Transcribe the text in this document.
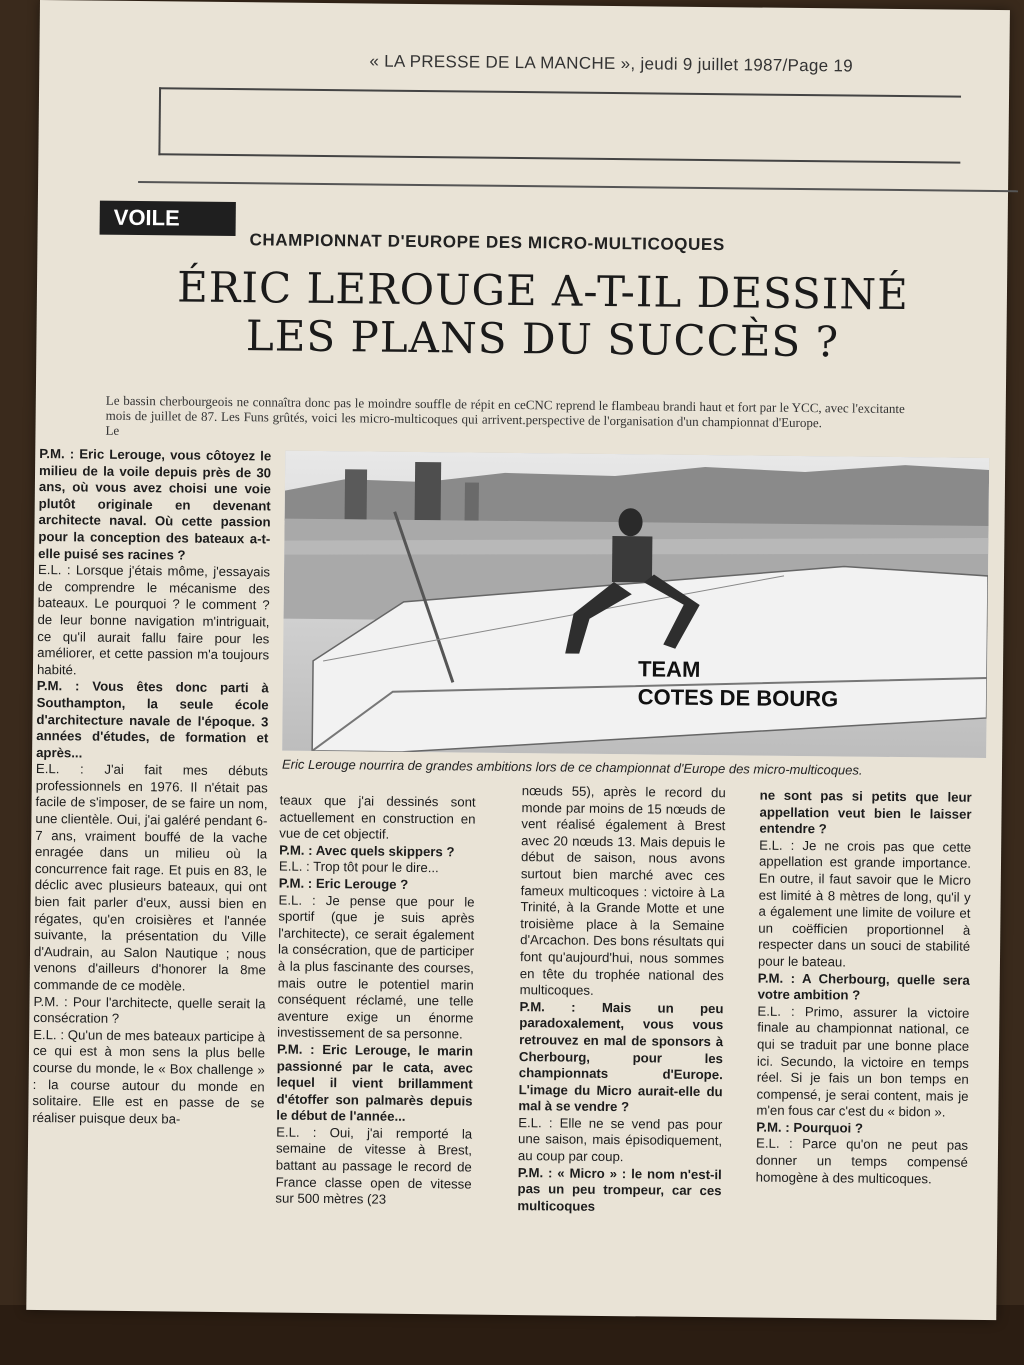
« LA PRESSE DE LA MANCHE », jeudi 9 juillet 1987/Page 19
VOILE
CHAMPIONNAT D'EUROPE DES MICRO-MULTICOQUES
ÉRIC LEROUGE A-T-IL DESSINÉ
LES PLANS DU SUCCÈS ?
Le bassin cherbourgeois ne connaîtra donc pas le moindre souffle de répit en ce mois de juillet de 87. Les Funs grûtés, voici les micro-multicoques qui arrivent. Le
CNC reprend le flambeau brandi haut et fort par le YCC, avec l'excitante perspective de l'organisation d'un championnat d'Europe.

P.M. : Eric Lerouge, vous côtoyez le milieu de la voile depuis près de 30 ans, où vous avez choisi une voie plutôt originale en devenant architecte naval. Où cette passion pour la conception des bateaux a-t-elle puisé ses racines ?

E.L. : Lorsque j'étais môme, j'essayais de comprendre le mécanisme des bateaux. Le pourquoi ? le comment ? de leur bonne navigation m'intriguait, ce qu'il aurait fallu faire pour les améliorer, et cette passion m'a toujours habité.

P.M. : Vous êtes donc parti à Southampton, la seule école d'architecture navale de l'époque. 3 années d'études, de formation et après...

E.L. : J'ai fait mes débuts professionnels en 1976. Il n'était pas facile de s'imposer, de se faire un nom, une clientèle. Oui, j'ai galéré pendant 6-7 ans, vraiment bouffé de la vache enragée dans un milieu où la concurrence fait rage. Et puis en 83, le déclic avec plusieurs bateaux, qui ont bien fait parler d'eux, aussi bien en régates, qu'en croisières et l'année suivante, la présentation du Ville d'Audrain, au Salon Nautique ; nous venons d'ailleurs d'honorer la 8me commande de ce modèle.

P.M. : Pour l'architecte, quelle serait la consécration ?

E.L. : Qu'un de mes bateaux participe à ce qui est à mon sens la plus belle course du monde, le « Box challenge » : la course autour du monde en solitaire. Elle est en passe de se réaliser puisque deux ba-

TEAM
COTES DE BOURG
Eric Lerouge nourrira de grandes ambitions lors de ce championnat d'Europe des micro-multicoques.

teaux que j'ai dessinés sont actuellement en construction en vue de cet objectif.

P.M. : Avec quels skippers ?

E.L. : Trop tôt pour le dire...

P.M. : Eric Lerouge ?

E.L. : Je pense que pour le sportif (que je suis après l'architecte), ce serait également la consécration, que de participer à la plus fascinante des courses, mais outre le potentiel marin conséquent réclamé, une telle aventure exige un énorme investissement de sa personne.

P.M. : Eric Lerouge, le marin passionné par le cata, avec lequel il vient brillamment d'étoffer son palmarès depuis le début de l'année...

E.L. : Oui, j'ai remporté la semaine de vitesse à Brest, battant au passage le record de France classe open de vitesse sur 500 mètres (23

nœuds 55), après le record du monde par moins de 15 nœuds de vent réalisé également à Brest avec 20 nœuds 13. Mais depuis le début de saison, nous avons surtout bien marché avec ces fameux multicoques : victoire à La Trinité, à la Grande Motte et une troisième place à la Semaine d'Arcachon. Des bons résultats qui font qu'aujourd'hui, nous sommes en tête du trophée national des multicoques.

P.M. : Mais un peu paradoxalement, vous vous retrouvez en mal de sponsors à Cherbourg, pour les championnats d'Europe. L'image du Micro aurait-elle du mal à se vendre ?

E.L. : Elle ne se vend pas pour une saison, mais épisodiquement, au coup par coup.

P.M. : « Micro » : le nom n'est-il pas un peu trompeur, car ces multicoques

ne sont pas si petits que leur appellation veut bien le laisser entendre ?

E.L. : Je ne crois pas que cette appellation est grande importance. En outre, il faut savoir que le Micro est limité à 8 mètres de long, qu'il y a également une limite de voilure et un coëfficien proportionnel à respecter dans un souci de stabilité pour le bateau.

P.M. : A Cherbourg, quelle sera votre ambition ?

E.L. : Primo, assurer la victoire finale au championnat national, ce qui se traduit par une bonne place ici. Secundo, la victoire en temps réel. Si je fais un bon temps en compensé, je serai content, mais je m'en fous car c'est du « bidon ».

P.M. : Pourquoi ?

E.L. : Parce qu'on ne peut pas donner un temps compensé homogène à des multicoques.
